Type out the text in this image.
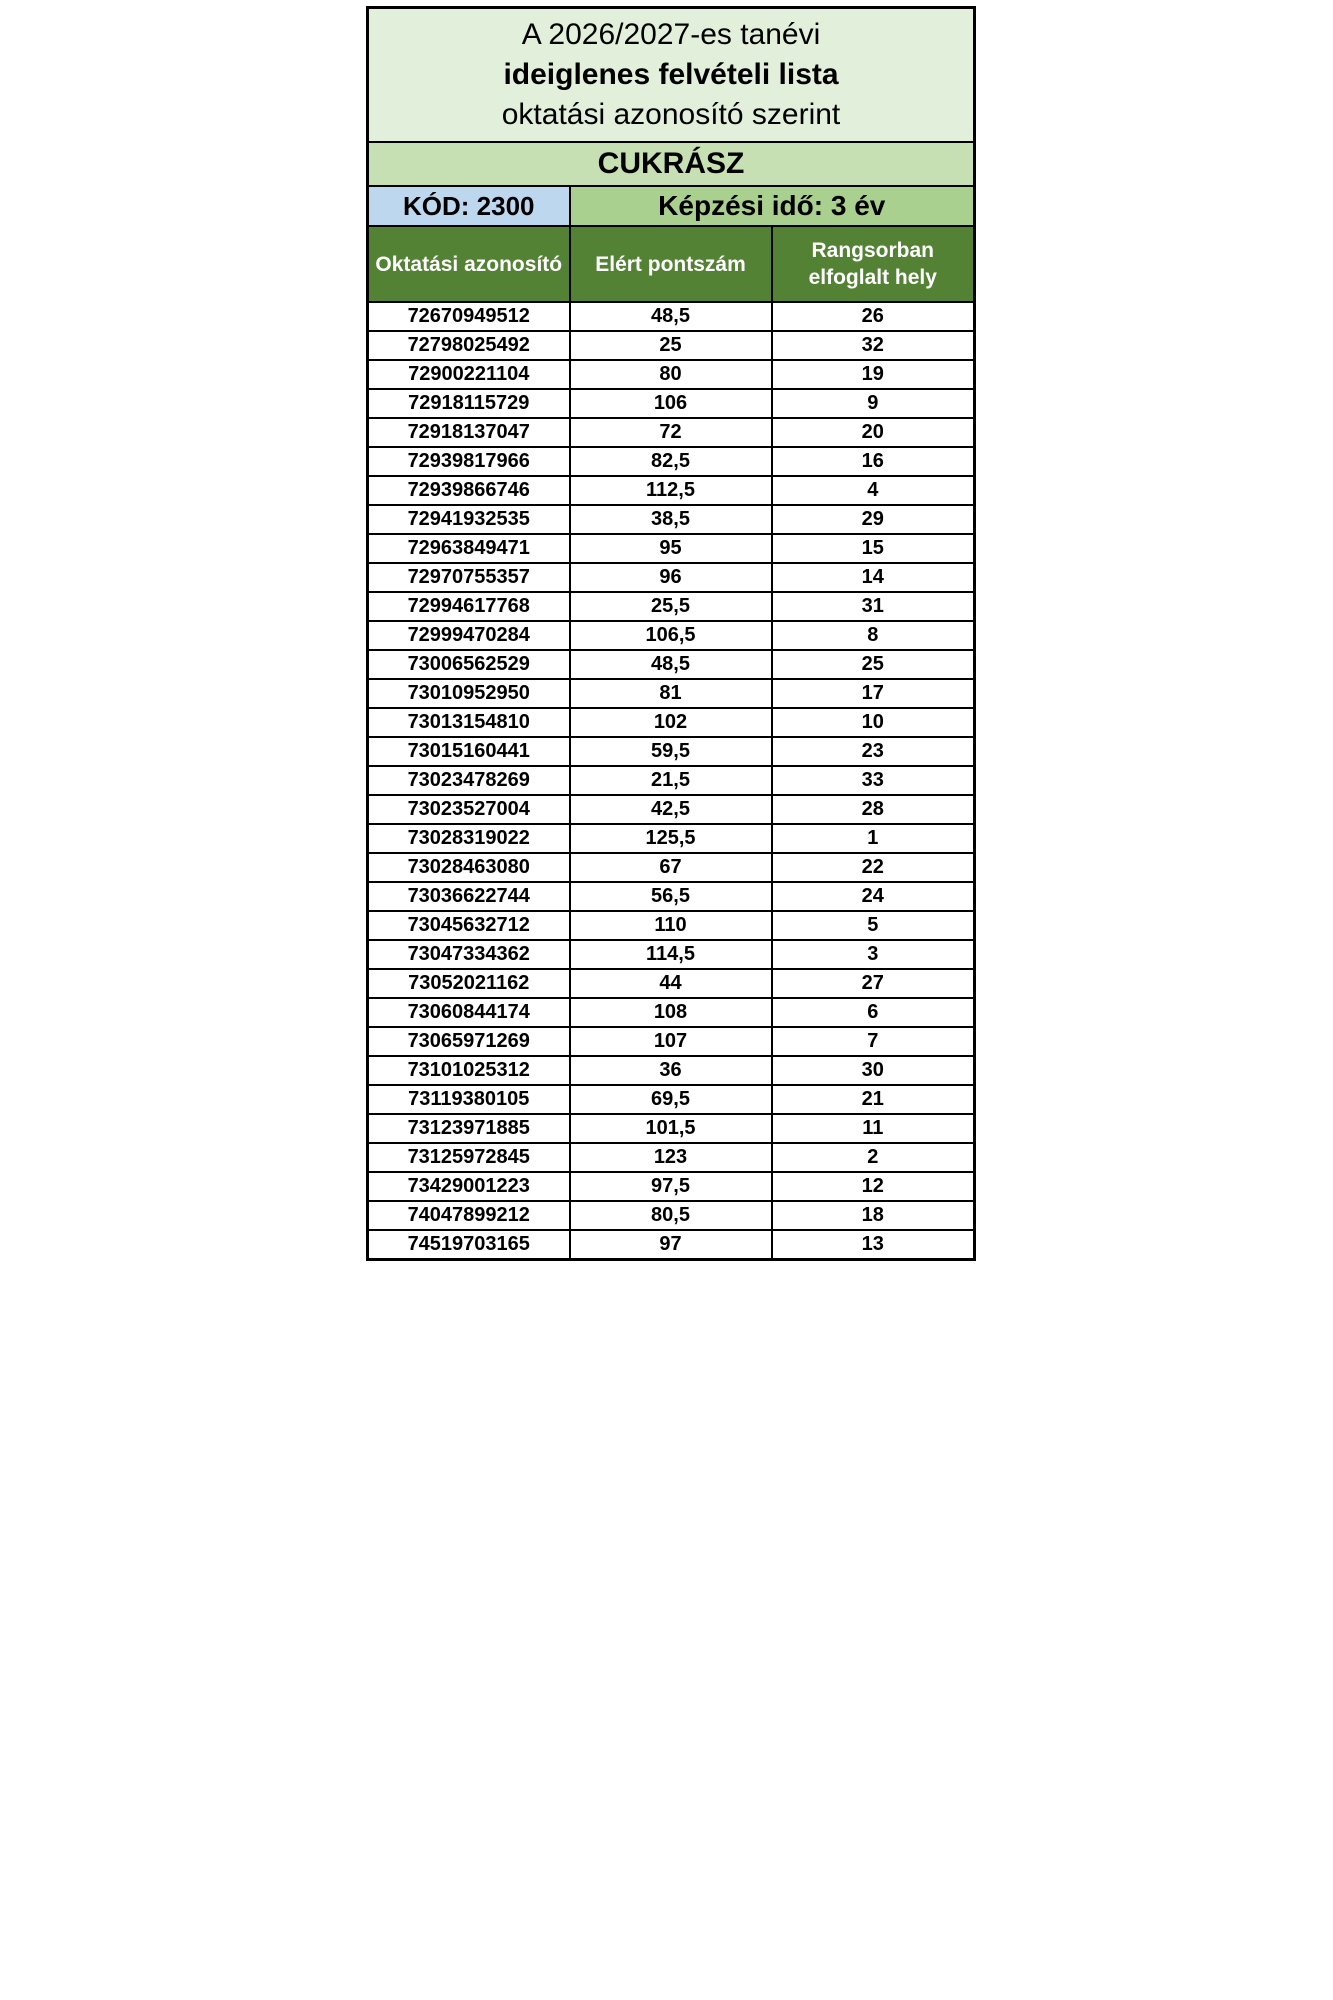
A 2026/2027-es tanévi
ideiglenes felvételi lista
oktatási azonosító szerint		

CUKRÁSZ		
KÓD: 2300	Képzési idő: 3 év	
Oktatási azonosító	Elért pontszám	Rangsorban elfoglalt hely
72670949512	48,5	26
72798025492	25	32
72900221104	80	19
72918115729	106	9
72918137047	72	20
72939817966	82,5	16
72939866746	112,5	4
72941932535	38,5	29
72963849471	95	15
72970755357	96	14
72994617768	25,5	31
72999470284	106,5	8
73006562529	48,5	25
73010952950	81	17
73013154810	102	10
73015160441	59,5	23
73023478269	21,5	33
73023527004	42,5	28
73028319022	125,5	1
73028463080	67	22
73036622744	56,5	24
73045632712	110	5
73047334362	114,5	3
73052021162	44	27
73060844174	108	6
73065971269	107	7
73101025312	36	30
73119380105	69,5	21
73123971885	101,5	11
73125972845	123	2
73429001223	97,5	12
74047899212	80,5	18
74519703165	97	13
